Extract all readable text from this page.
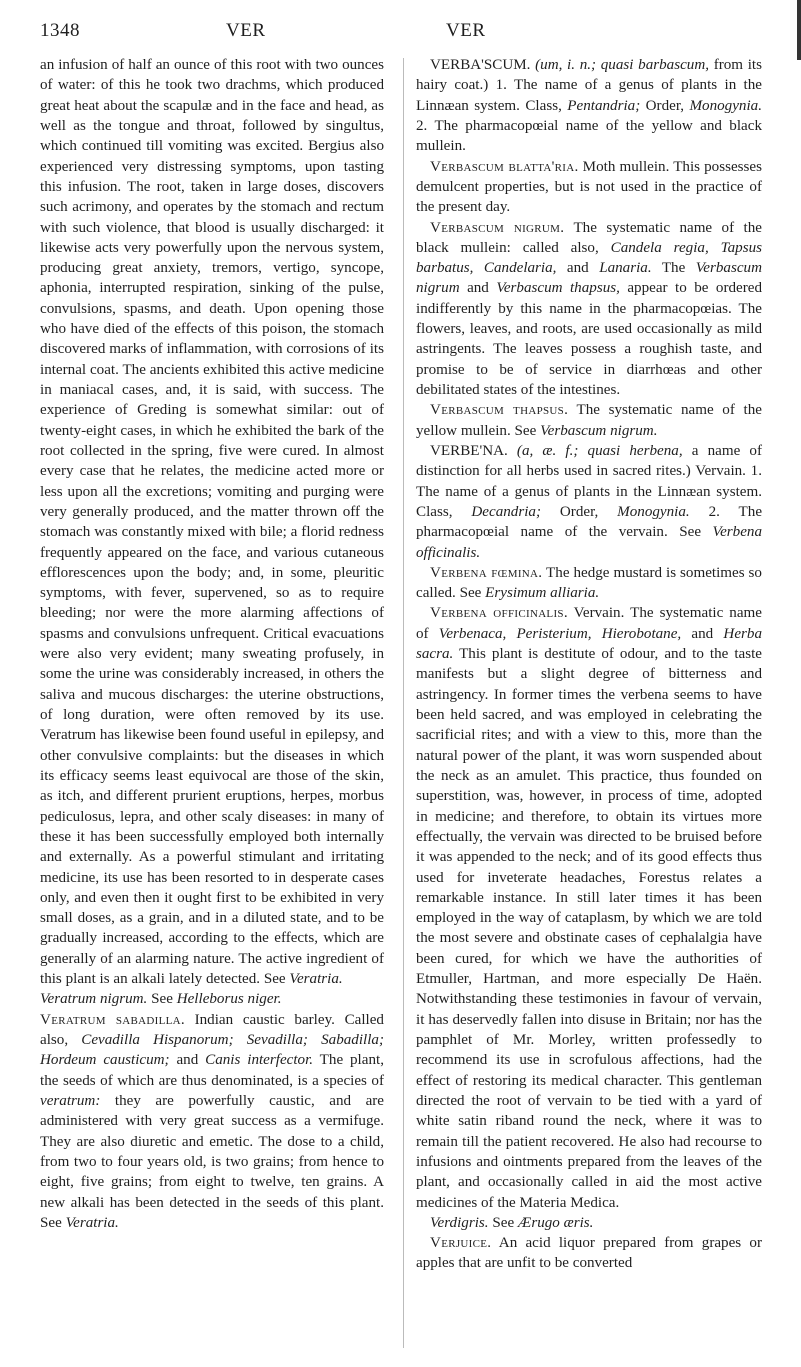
1348	VER	VER

an infusion of half an ounce of this root with two ounces of water: of this he took two drachms, which produced great heat about the scapulæ and in the face and head, as well as the tongue and throat, followed by singultus, which continued till vomiting was excited. Bergius also experienced very distressing symptoms, upon tasting this infusion. The root, taken in large doses, discovers such acrimony, and operates by the stomach and rectum with such violence, that blood is usually discharged: it likewise acts very powerfully upon the nervous system, producing great anxiety, tremors, vertigo, syncope, aphonia, interrupted respiration, sinking of the pulse, convulsions, spasms, and death. Upon opening those who have died of the effects of this poison, the stomach discovered marks of inflammation, with corrosions of its internal coat. The ancients exhibited this active medicine in maniacal cases, and, it is said, with success. The experience of Greding is somewhat similar: out of twenty-eight cases, in which he exhibited the bark of the root collected in the spring, five were cured. In almost every case that he relates, the medicine acted more or less upon all the excretions; vomiting and purging were very generally produced, and the matter thrown off the stomach was constantly mixed with bile; a florid redness frequently appeared on the face, and various cutaneous efflorescences upon the body; and, in some, pleuritic symptoms, with fever, supervened, so as to require bleeding; nor were the more alarming affections of spasms and convulsions unfrequent. Critical evacuations were also very evident; many sweating profusely, in some the urine was considerably increased, in others the saliva and mucous discharges: the uterine obstructions, of long duration, were often removed by its use. Veratrum has likewise been found useful in epilepsy, and other convulsive complaints: but the diseases in which its efficacy seems least equivocal are those of the skin, as itch, and different prurient eruptions, herpes, morbus pediculosus, lepra, and other scaly diseases: in many of these it has been successfully employed both internally and externally. As a powerful stimulant and irritating medicine, its use has been resorted to in desperate cases only, and even then it ought first to be exhibited in very small doses, as a grain, and in a diluted state, and to be gradually increased, according to the effects, which are generally of an alarming nature. The active ingredient of this plant is an alkali lately detected. See Veratria.

Veratrum nigrum. See Helleborus niger.

Veratrum sabadilla. Indian caustic barley. Called also, Cevadilla Hispanorum; Sevadilla; Sabadilla; Hordeum causticum; and Canis interfector. The plant, the seeds of which are thus denominated, is a species of veratrum: they are powerfully caustic, and are administered with very great success as a vermifuge. They are also diuretic and emetic. The dose to a child, from two to four years old, is two grains; from hence to eight, five grains; from eight to twelve, ten grains. A new alkali has been detected in the seeds of this plant. See Veratria.

VERBA'SCUM. (um, i. n.; quasi barbascum, from its hairy coat.) 1. The name of a genus of plants in the Linnæan system. Class, Pentandria; Order, Monogynia. 2. The pharmacopœial name of the yellow and black mullein.

Verbascum blatta'ria. Moth mullein. This possesses demulcent properties, but is not used in the practice of the present day.

Verbascum nigrum. The systematic name of the black mullein: called also, Candela regia, Tapsus barbatus, Candelaria, and Lanaria. The Verbascum nigrum and Verbascum thapsus, appear to be ordered indifferently by this name in the pharmacopœias. The flowers, leaves, and roots, are used occasionally as mild astringents. The leaves possess a roughish taste, and promise to be of service in diarrhœas and other debilitated states of the intestines.

Verbascum thapsus. The systematic name of the yellow mullein. See Verbascum nigrum.

VERBE'NA. (a, æ. f.; quasi herbena, a name of distinction for all herbs used in sacred rites.) Vervain. 1. The name of a genus of plants in the Linnæan system. Class, Decandria; Order, Monogynia. 2. The pharmacopœial name of the vervain. See Verbena officinalis.

Verbena fœmina. The hedge mustard is sometimes so called. See Erysimum alliaria.

Verbena officinalis. Vervain. The systematic name of Verbenaca, Peristerium, Hierobotane, and Herba sacra. This plant is destitute of odour, and to the taste manifests but a slight degree of bitterness and astringency. In former times the verbena seems to have been held sacred, and was employed in celebrating the sacrificial rites; and with a view to this, more than the natural power of the plant, it was worn suspended about the neck as an amulet. This practice, thus founded on superstition, was, however, in process of time, adopted in medicine; and therefore, to obtain its virtues more effectually, the vervain was directed to be bruised before it was appended to the neck; and of its good effects thus used for inveterate headaches, Forestus relates a remarkable instance. In still later times it has been employed in the way of cataplasm, by which we are told the most severe and obstinate cases of cephalalgia have been cured, for which we have the authorities of Etmuller, Hartman, and more especially De Haën. Notwithstanding these testimonies in favour of vervain, it has deservedly fallen into disuse in Britain; nor has the pamphlet of Mr. Morley, written professedly to recommend its use in scrofulous affections, had the effect of restoring its medical character. This gentleman directed the root of vervain to be tied with a yard of white satin riband round the neck, where it was to remain till the patient recovered. He also had recourse to infusions and ointments prepared from the leaves of the plant, and occasionally called in aid the most active medicines of the Materia Medica.

Verdigris. See Ærugo æris.

Verjuice. An acid liquor prepared from grapes or apples that are unfit to be converted
